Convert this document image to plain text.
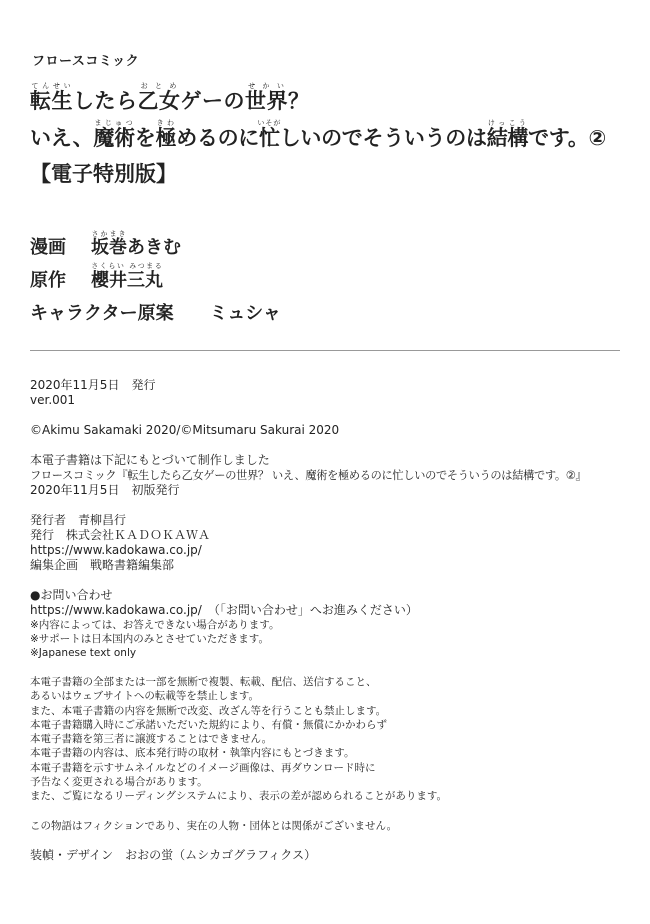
フロースコミック

転生てんせいしたら乙女おとめゲーの世界せかい？

いえ、魔術まじゅつを極きわめるのに忙いそがしいのでそういうのは結構けっこうです。②

【電子特別版】

漫画	坂巻さかまきあきむ
原作	櫻井三丸さくらい みつまる
キャラクター原案 ミュシャ

2020年11月5日　発行

ver.001

©Akimu Sakamaki 2020/©Mitsumaru Sakurai 2020

本電子書籍は下記にもとづいて制作しました

フロースコミック『転生したら乙女ゲーの世界？ いえ、魔術を極めるのに忙しいのでそういうのは結構です。②』

2020年11月5日　初版発行

発行者　青柳昌行

発行　株式会社ＫＡＤＯＫＡＷＡ

https://www.kadokawa.co.jp/

編集企画　戦略書籍編集部

●お問い合わせ

https://www.kadokawa.co.jp/　（「お問い合わせ」へお進みください）

※内容によっては、お答えできない場合があります。

※サポートは日本国内のみとさせていただきます。

※Japanese text only

本電子書籍の全部または一部を無断で複製、転載、配信、送信すること、

あるいはウェブサイトへの転載等を禁止します。

また、本電子書籍の内容を無断で改変、改ざん等を行うことも禁止します。

本電子書籍購入時にご承諾いただいた規約により、有償・無償にかかわらず

本電子書籍を第三者に譲渡することはできません。

本電子書籍の内容は、底本発行時の取材・執筆内容にもとづきます。

本電子書籍を示すサムネイルなどのイメージ画像は、再ダウンロード時に

予告なく変更される場合があります。

また、ご覧になるリーディングシステムにより、表示の差が認められることがあります。

この物語はフィクションであり、実在の人物・団体とは関係がございません。

装幀・デザイン　おおの蛍（ムシカゴグラフィクス）
